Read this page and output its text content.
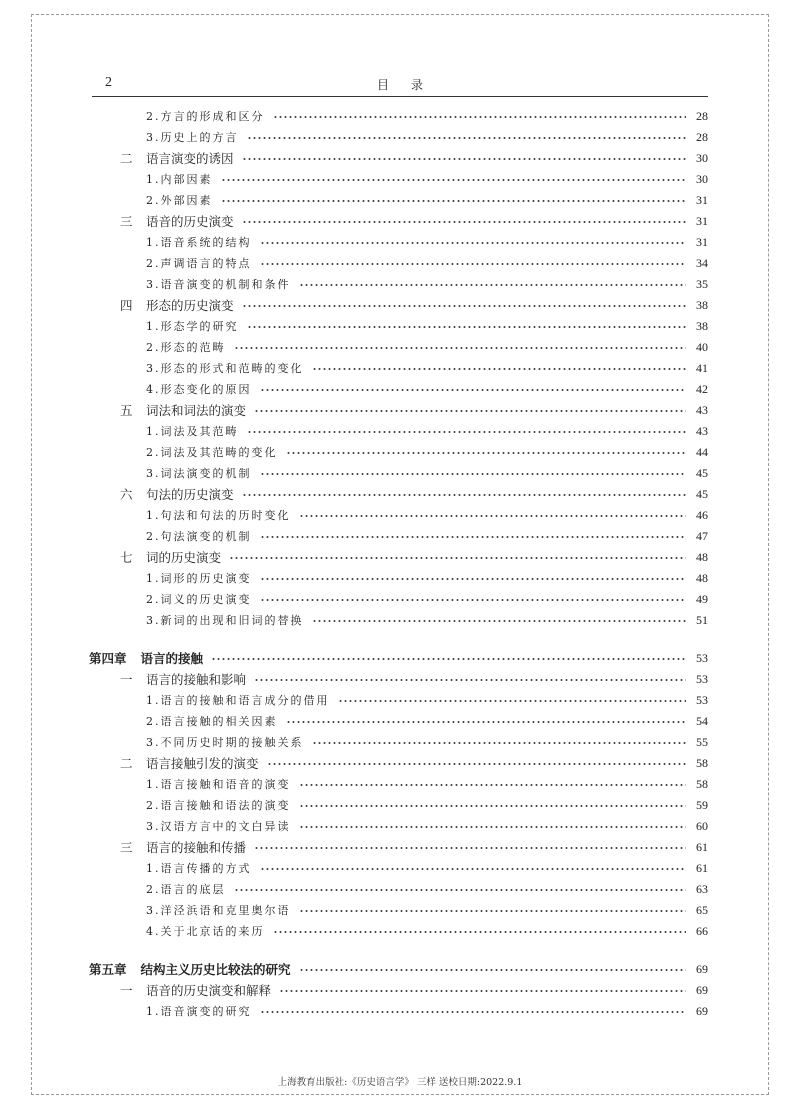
2	目录
2. 方言的形成和区分	28
3. 历史上的方言	28
二	语言演变的诱因	30
1. 内部因素	30
2. 外部因素	31
三	语音的历史演变	31
1. 语音系统的结构	31
2. 声调语言的特点	34
3. 语音演变的机制和条件	35
四	形态的历史演变	38
1. 形态学的研究	38
2. 形态的范畴	40
3. 形态的形式和范畴的变化	41
4. 形态变化的原因	42
五	词法和词法的演变	43
1. 词法及其范畴	43
2. 词法及其范畴的变化	44
3. 词法演变的机制	45
六	句法的历史演变	45
1. 句法和句法的历时变化	46
2. 句法演变的机制	47
七	词的历史演变	48
1. 词形的历史演变	48
2. 词义的历史演变	49
3. 新词的出现和旧词的替换	51
第四章 语言的接触	53
一	语言的接触和影响	53
1. 语言的接触和语言成分的借用	53
2. 语言接触的相关因素	54
3. 不同历史时期的接触关系	55
二	语言接触引发的演变	58
1. 语言接触和语音的演变	58
2. 语言接触和语法的演变	59
3. 汉语方言中的文白异读	60
三	语言的接触和传播	61
1. 语言传播的方式	61
2. 语言的底层	63
3. 洋泾浜语和克里奥尔语	65
4. 关于北京话的来历	66
第五章 结构主义历史比较法的研究	69
一	语音的历史演变和解释	69
1. 语音演变的研究	69
上海教育出版社:《历史语言学》 三样 送校日期:2022.9.1
